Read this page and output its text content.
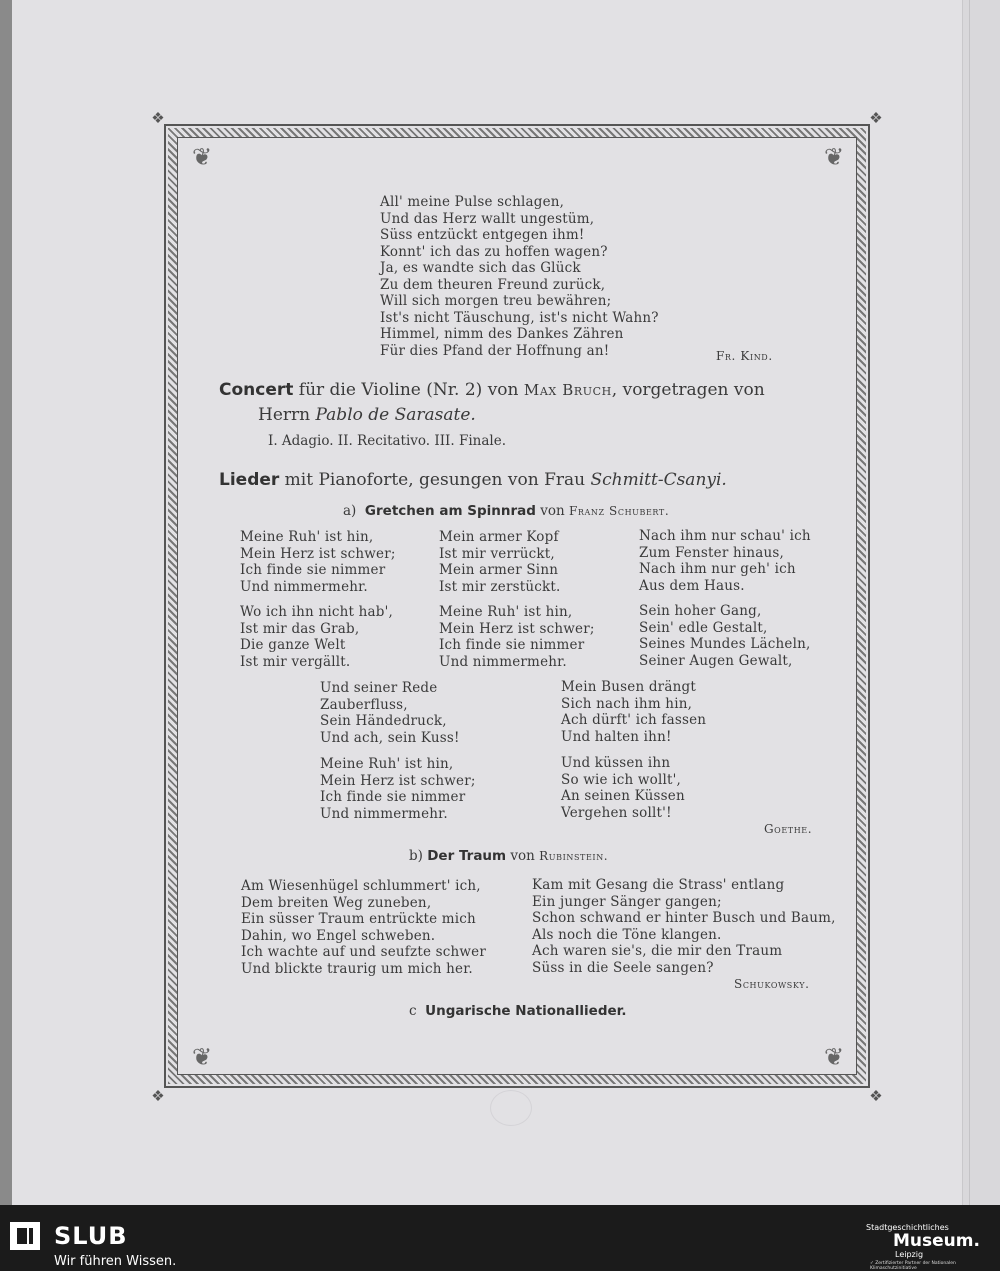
❖	❖
❖	❖
❦	❦
❦	❦
All' meine Pulse schlagen,
Und das Herz wallt ungestüm,
Süss entzückt entgegen ihm!
Konnt' ich das zu hoffen wagen?
Ja, es wandte sich das Glück
Zu dem theuren Freund zurück,
Will sich morgen treu bewähren;
Ist's nicht Täuschung, ist's nicht Wahn?
Himmel, nimm des Dankes Zähren
Für dies Pfand der Hoffnung an!	Fr. Kind.
Concert für die Violine (Nr. 2) von Max Bruch, vorgetragen von
Herrn Pablo de Sarasate.
I. Adagio. II. Recitativo. III. Finale.
Lieder mit Pianoforte, gesungen von Frau Schmitt-Csanyi.
a) Gretchen am Spinnrad von Franz Schubert.
Meine Ruh' ist hin,
Mein Herz ist schwer;
Ich finde sie nimmer
Und nimmermehr.
Mein armer Kopf
Ist mir verrückt,
Mein armer Sinn
Ist mir zerstückt.
Nach ihm nur schau' ich
Zum Fenster hinaus,
Nach ihm nur geh' ich
Aus dem Haus.
Wo ich ihn nicht hab',
Ist mir das Grab,
Die ganze Welt
Ist mir vergällt.
Meine Ruh' ist hin,
Mein Herz ist schwer;
Ich finde sie nimmer
Und nimmermehr.
Sein hoher Gang,
Sein' edle Gestalt,
Seines Mundes Lächeln,
Seiner Augen Gewalt,
Und seiner Rede
Zauberfluss,
Sein Händedruck,
Und ach, sein Kuss!
Mein Busen drängt
Sich nach ihm hin,
Ach dürft' ich fassen
Und halten ihn!
Meine Ruh' ist hin,
Mein Herz ist schwer;
Ich finde sie nimmer
Und nimmermehr.
Und küssen ihn
So wie ich wollt',
An seinen Küssen
Vergehen sollt'!
Goethe.
b) Der Traum von Rubinstein.
Am Wiesenhügel schlummert' ich,
Dem breiten Weg zuneben,
Ein süsser Traum entrückte mich
Dahin, wo Engel schweben.
Ich wachte auf und seufzte schwer
Und blickte traurig um mich her.
Kam mit Gesang die Strass' entlang
Ein junger Sänger gangen;
Schon schwand er hinter Busch und Baum,
Als noch die Töne klangen.
Ach waren sie's, die mir den Traum
Süss in die Seele sangen?
Schukowsky.
c Ungarische Nationallieder.
SLUB
Wir führen Wissen.
Stadtgeschichtliches
Museum.
Leipzig
✓ Zertifizierter Partner der Nationalen Klimaschutzinitiative
